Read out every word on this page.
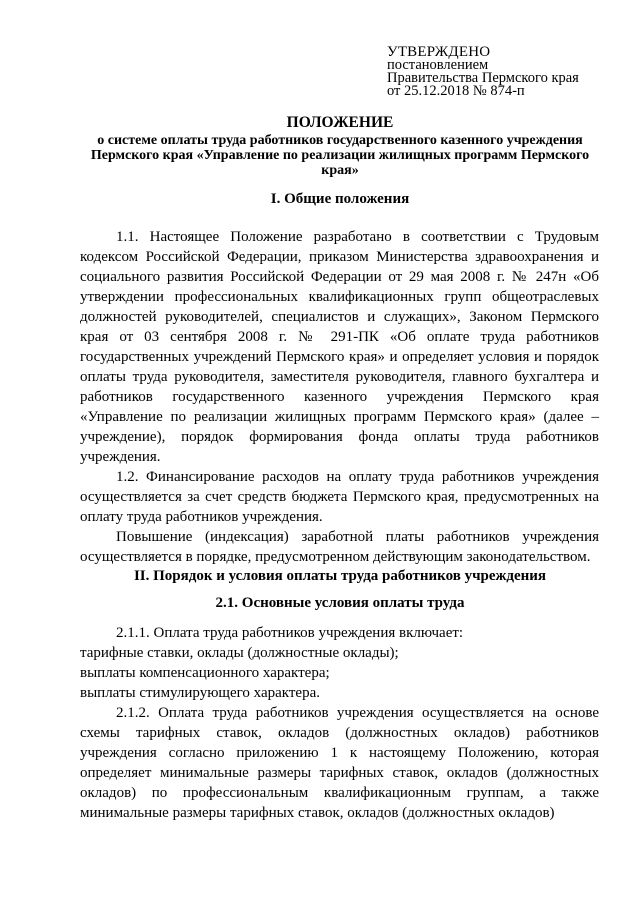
УТВЕРЖДЕНО
постановлением
Правительства Пермского края
от 25.12.2018 № 874-п
ПОЛОЖЕНИЕ
о системе оплаты труда работников государственного казенного учреждения Пермского края «Управление по реализации жилищных программ Пермского края»
I. Общие положения

1.1. Настоящее Положение разработано в соответствии с Трудовым кодексом Российской Федерации, приказом Министерства здравоохранения и социального развития Российской Федерации от 29 мая 2008 г. № 247н «Об утверждении профессиональных квалификационных групп общеотраслевых должностей руководителей, специалистов и служащих», Законом Пермского края от 03 сентября 2008 г. № 291-ПК «Об оплате труда работников государственных учреждений Пермского края» и определяет условия и порядок оплаты труда руководителя, заместителя руководителя, главного бухгалтера и работников государственного казенного учреждения Пермского края «Управление по реализации жилищных программ Пермского края» (далее – учреждение), порядок формирования фонда оплаты труда работников учреждения.

1.2. Финансирование расходов на оплату труда работников учреждения осуществляется за счет средств бюджета Пермского края, предусмотренных на оплату труда работников учреждения.

Повышение (индексация) заработной платы работников учреждения осуществляется в порядке, предусмотренном действующим законодательством.

II. Порядок и условия оплаты труда работников учреждения
2.1. Основные условия оплаты труда

2.1.1. Оплата труда работников учреждения включает:

тарифные ставки, оклады (должностные оклады);

выплаты компенсационного характера;

выплаты стимулирующего характера.

2.1.2. Оплата труда работников учреждения осуществляется на основе схемы тарифных ставок, окладов (должностных окладов) работников учреждения согласно приложению 1 к настоящему Положению, которая определяет минимальные размеры тарифных ставок, окладов (должностных окладов) по профессиональным квалификационным группам, а также минимальные размеры тарифных ставок, окладов (должностных окладов)
